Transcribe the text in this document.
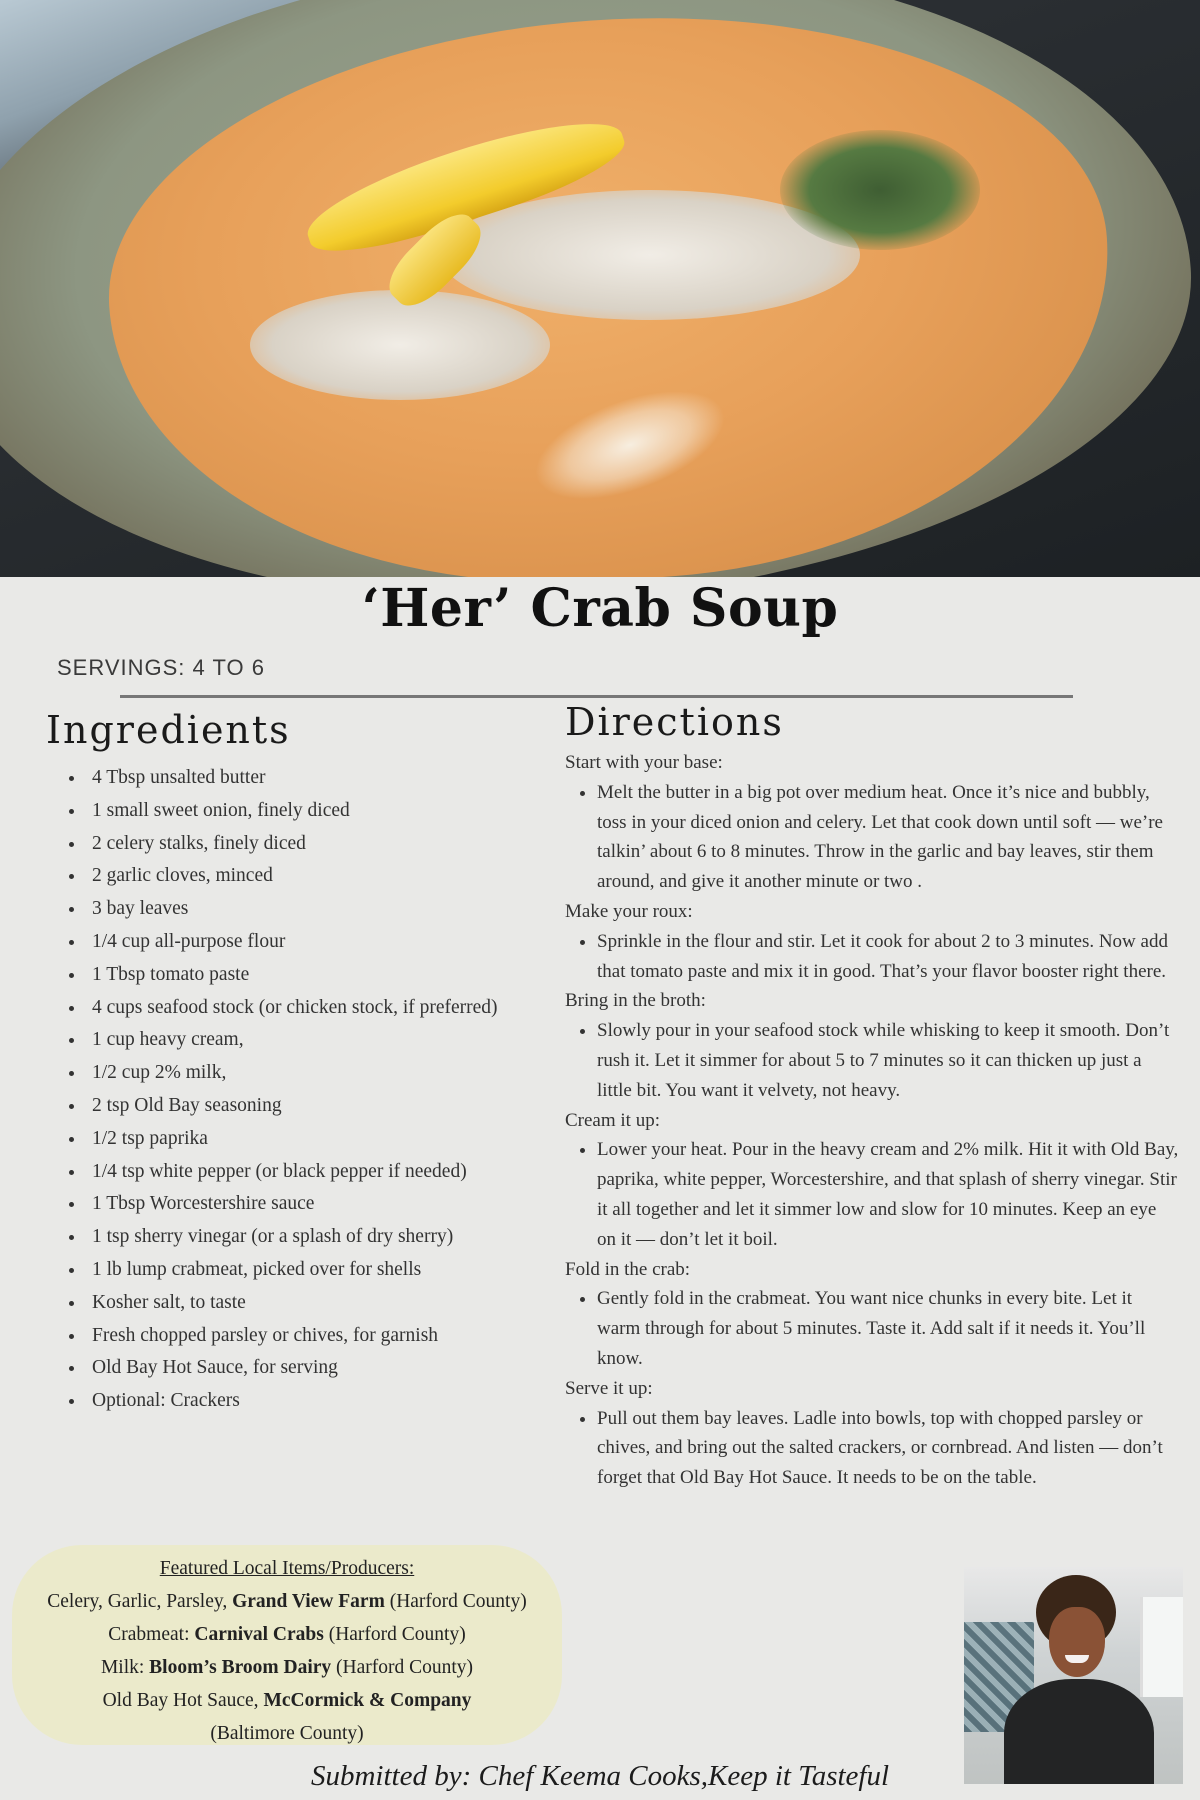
‘Her’ Crab Soup
SERVINGS: 4 TO 6
Ingredients
• 4 Tbsp unsalted butter
• 1 small sweet onion, finely diced
• 2 celery stalks, finely diced
• 2 garlic cloves, minced
• 3 bay leaves
• 1/4 cup all-purpose flour
• 1 Tbsp tomato paste
• 4 cups seafood stock (or chicken stock, if preferred)
• 1 cup heavy cream,
• 1/2 cup 2% milk,
• 2 tsp Old Bay seasoning
• 1/2 tsp paprika
• 1/4 tsp white pepper (or black pepper if needed)
• 1 Tbsp Worcestershire sauce
• 1 tsp sherry vinegar (or a splash of dry sherry)
• 1 lb lump crabmeat, picked over for shells
• Kosher salt, to taste
• Fresh chopped parsley or chives, for garnish
• Old Bay Hot Sauce, for serving
• Optional: Crackers
Directions
Start with your base:
• Melt the butter in a big pot over medium heat. Once it’s nice and bubbly, toss in your diced onion and celery. Let that cook down until soft — we’re talkin’ about 6 to 8 minutes. Throw in the garlic and bay leaves, stir them around, and give it another minute or two .
Make your roux:
• Sprinkle in the flour and stir. Let it cook for about 2 to 3 minutes. Now add that tomato paste and mix it in good. That’s your flavor booster right there.
Bring in the broth:
• Slowly pour in your seafood stock while whisking to keep it smooth. Don’t rush it. Let it simmer for about 5 to 7 minutes so it can thicken up just a little bit. You want it velvety, not heavy.
Cream it up:
• Lower your heat. Pour in the heavy cream and 2% milk. Hit it with Old Bay, paprika, white pepper, Worcestershire, and that splash of sherry vinegar. Stir it all together and let it simmer low and slow for 10 minutes. Keep an eye on it — don’t let it boil.
Fold in the crab:
• Gently fold in the crabmeat. You want nice chunks in every bite. Let it warm through for about 5 minutes. Taste it. Add salt if it needs it. You’ll know.
Serve it up:
• Pull out them bay leaves. Ladle into bowls, top with chopped parsley or chives, and bring out the salted crackers, or cornbread. And listen — don’t forget that Old Bay Hot Sauce. It needs to be on the table.
Featured Local Items/Producers:
Celery, Garlic, Parsley, Grand View Farm (Harford County)
Crabmeat: Carnival Crabs (Harford County)
Milk: Bloom’s Broom Dairy (Harford County)
Old Bay Hot Sauce, McCormick & Company
(Baltimore County)
Submitted by: Chef Keema Cooks,Keep it Tasteful
